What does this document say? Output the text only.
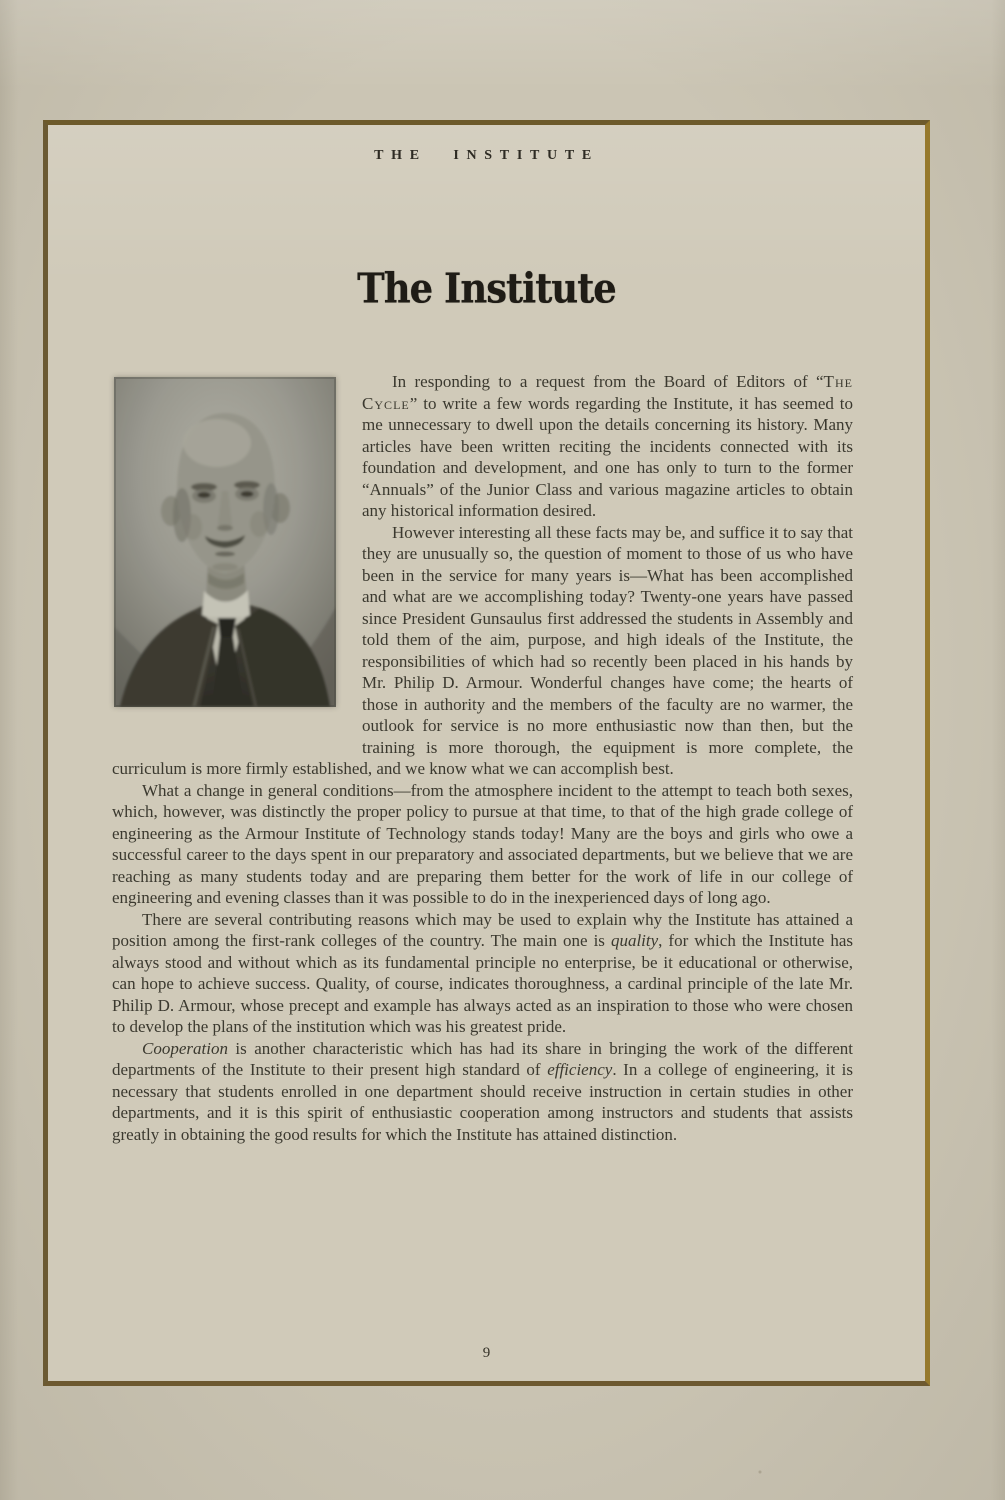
THE INSTITUTE
The Institute

In responding to a request from the Board of Editors of “The Cycle” to write a few words regarding the Institute, it has seemed to me unnecessary to dwell upon the details concerning its history. Many articles have been written reciting the incidents connected with its foundation and development, and one has only to turn to the former “Annuals” of the Junior Class and various magazine articles to obtain any historical information desired.

However interesting all these facts may be, and suffice it to say that they are unusually so, the question of moment to those of us who have been in the service for many years is—What has been accomplished and what are we accomplishing today? Twenty-one years have passed since President Gunsaulus first addressed the students in Assembly and told them of the aim, purpose, and high ideals of the Institute, the responsibilities of which had so recently been placed in his hands by Mr. Philip D. Armour. Wonderful changes have come; the hearts of those in authority and the members of the faculty are no warmer, the outlook for service is no more enthusiastic now than then, but the training is more thorough, the equipment is more complete, the curriculum is more firmly established, and we know what we can accomplish best.

What a change in general conditions—from the atmosphere incident to the attempt to teach both sexes, which, however, was distinctly the proper policy to pursue at that time, to that of the high grade college of engineering as the Armour Institute of Technology stands today! Many are the boys and girls who owe a successful career to the days spent in our preparatory and associated departments, but we believe that we are reaching as many students today and are preparing them better for the work of life in our college of engineering and evening classes than it was possible to do in the inexperienced days of long ago.

There are several contributing reasons which may be used to explain why the Institute has attained a position among the first-rank colleges of the country. The main one is quality, for which the Institute has always stood and without which as its fundamental principle no enterprise, be it educational or otherwise, can hope to achieve success. Quality, of course, indicates thoroughness, a cardinal principle of the late Mr. Philip D. Armour, whose precept and example has always acted as an inspiration to those who were chosen to develop the plans of the institution which was his greatest pride.

Cooperation is another characteristic which has had its share in bringing the work of the different departments of the Institute to their present high standard of efficiency. In a college of engineering, it is necessary that students enrolled in one department should receive instruction in certain studies in other departments, and it is this spirit of enthusiastic cooperation among instructors and students that assists greatly in obtaining the good results for which the Institute has attained distinction.

9
